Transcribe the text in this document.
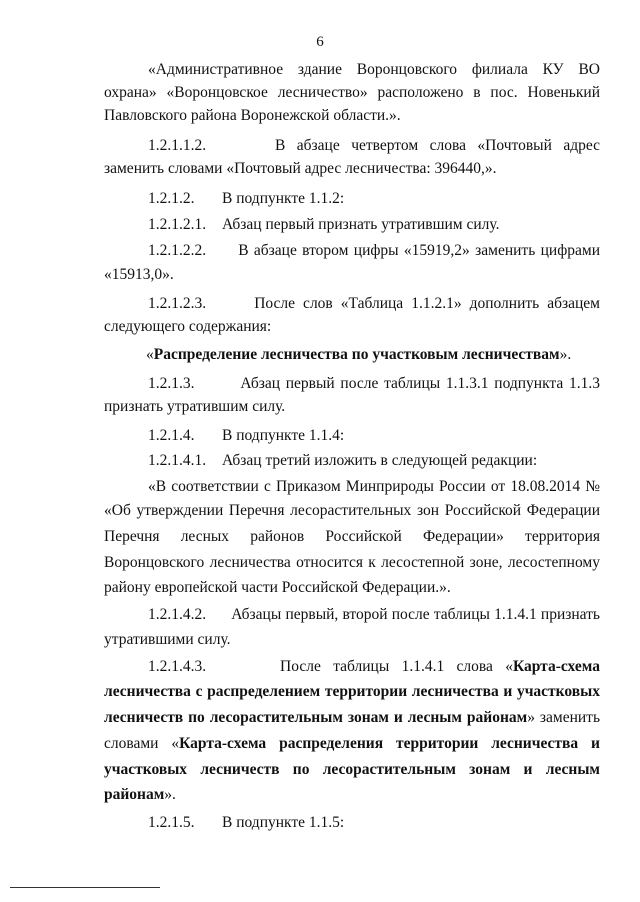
6
«Административное здание Воронцовского филиала КУ ВО
охрана» «Воронцовское лесничество» расположено в пос. Новенький
Павловского района Воронежской области.».
1.2.1.1.2.	В абзаце четвертом слова «Почтовый адрес
заменить словами «Почтовый адрес лесничества: 396440,».
1.2.1.2. В подпункте 1.1.2:
1.2.1.2.1. Абзац первый признать утратившим силу.
1.2.1.2.2. В абзаце втором цифры «15919,2» заменить цифрами
«15913,0».
1.2.1.2.3.	После слов «Таблица 1.1.2.1» дополнить абзацем
следующего содержания:
«Распределение лесничества по участковым лесничествам».
1.2.1.3.	Абзац первый после таблицы 1.1.3.1 подпункта 1.1.3
признать утратившим силу.
1.2.1.4. В подпункте 1.1.4:
1.2.1.4.1. Абзац третий изложить в следующей редакции:
«В соответствии с Приказом Минприроды России от 18.08.2014 №
«Об утверждении Перечня лесорастительных зон Российской Федерации
Перечня лесных районов Российской Федерации» территория
Воронцовского лесничества относится к лесостепной зоне, лесостепному
району европейской части Российской Федерации.».
1.2.1.4.2. Абзацы первый, второй после таблицы 1.1.4.1 признать
утратившими силу.
1.2.1.4.3.	После таблицы 1.1.4.1 слова «Карта-схема
лесничества с распределением территории лесничества и участковых
лесничеств по лесорастительным зонам и лесным районам» заменить
словами «Карта-схема распределения территории лесничества и
участковых лесничеств по лесорастительным зонам и лесным
районам».
1.2.1.5. В подпункте 1.1.5:
